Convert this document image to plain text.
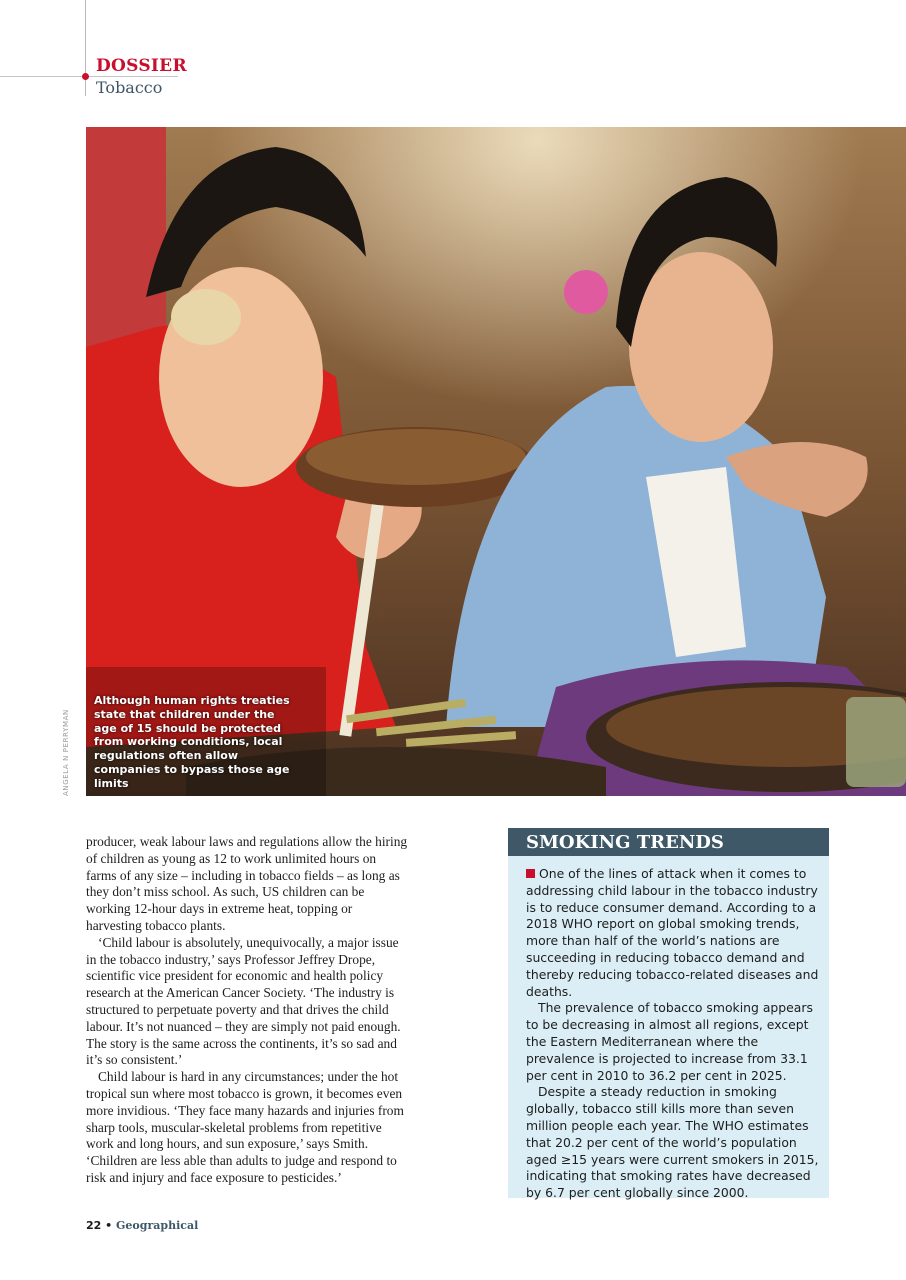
DOSSIER
Tobacco
Although human rights treaties state that children under the age of 15 should be protected from working conditions, local regulations often allow companies to bypass those age limits
ANGELA N PERRYMAN

producer, weak labour laws and regulations allow the hiring of children as young as 12 to work unlimited hours on farms of any size – including in tobacco fields – as long as they don’t miss school. As such, US children can be working 12-hour days in extreme heat, topping or harvesting tobacco plants.

‘Child labour is absolutely, unequivocally, a major issue in the tobacco industry,’ says Professor Jeffrey Drope, scientific vice president for economic and health policy research at the American Cancer Society. ‘The industry is structured to perpetuate poverty and that drives the child labour. It’s not nuanced – they are simply not paid enough. The story is the same across the continents, it’s so sad and it’s so consistent.’

Child labour is hard in any circumstances; under the hot tropical sun where most tobacco is grown, it becomes even more invidious. ‘They face many hazards and injuries from sharp tools, muscular-skeletal problems from repetitive work and long hours, and sun exposure,’ says Smith. ‘Children are less able than adults to judge and respond to risk and injury and face exposure to pesticides.’

SMOKING TRENDS

One of the lines of attack when it comes to addressing child labour in the tobacco industry is to reduce consumer demand. According to a 2018 WHO report on global smoking trends, more than half of the world’s nations are succeeding in reducing tobacco demand and thereby reducing tobacco-related diseases and deaths.

The prevalence of tobacco smoking appears to be decreasing in almost all regions, except the Eastern Mediterranean where the prevalence is projected to increase from 33.1 per cent in 2010 to 36.2 per cent in 2025.

Despite a steady reduction in smoking globally, tobacco still kills more than seven million people each year. The WHO estimates that 20.2 per cent of the world’s population aged ≥15 years were current smokers in 2015, indicating that smoking rates have decreased by 6.7 per cent globally since 2000.

22 • Geographical
